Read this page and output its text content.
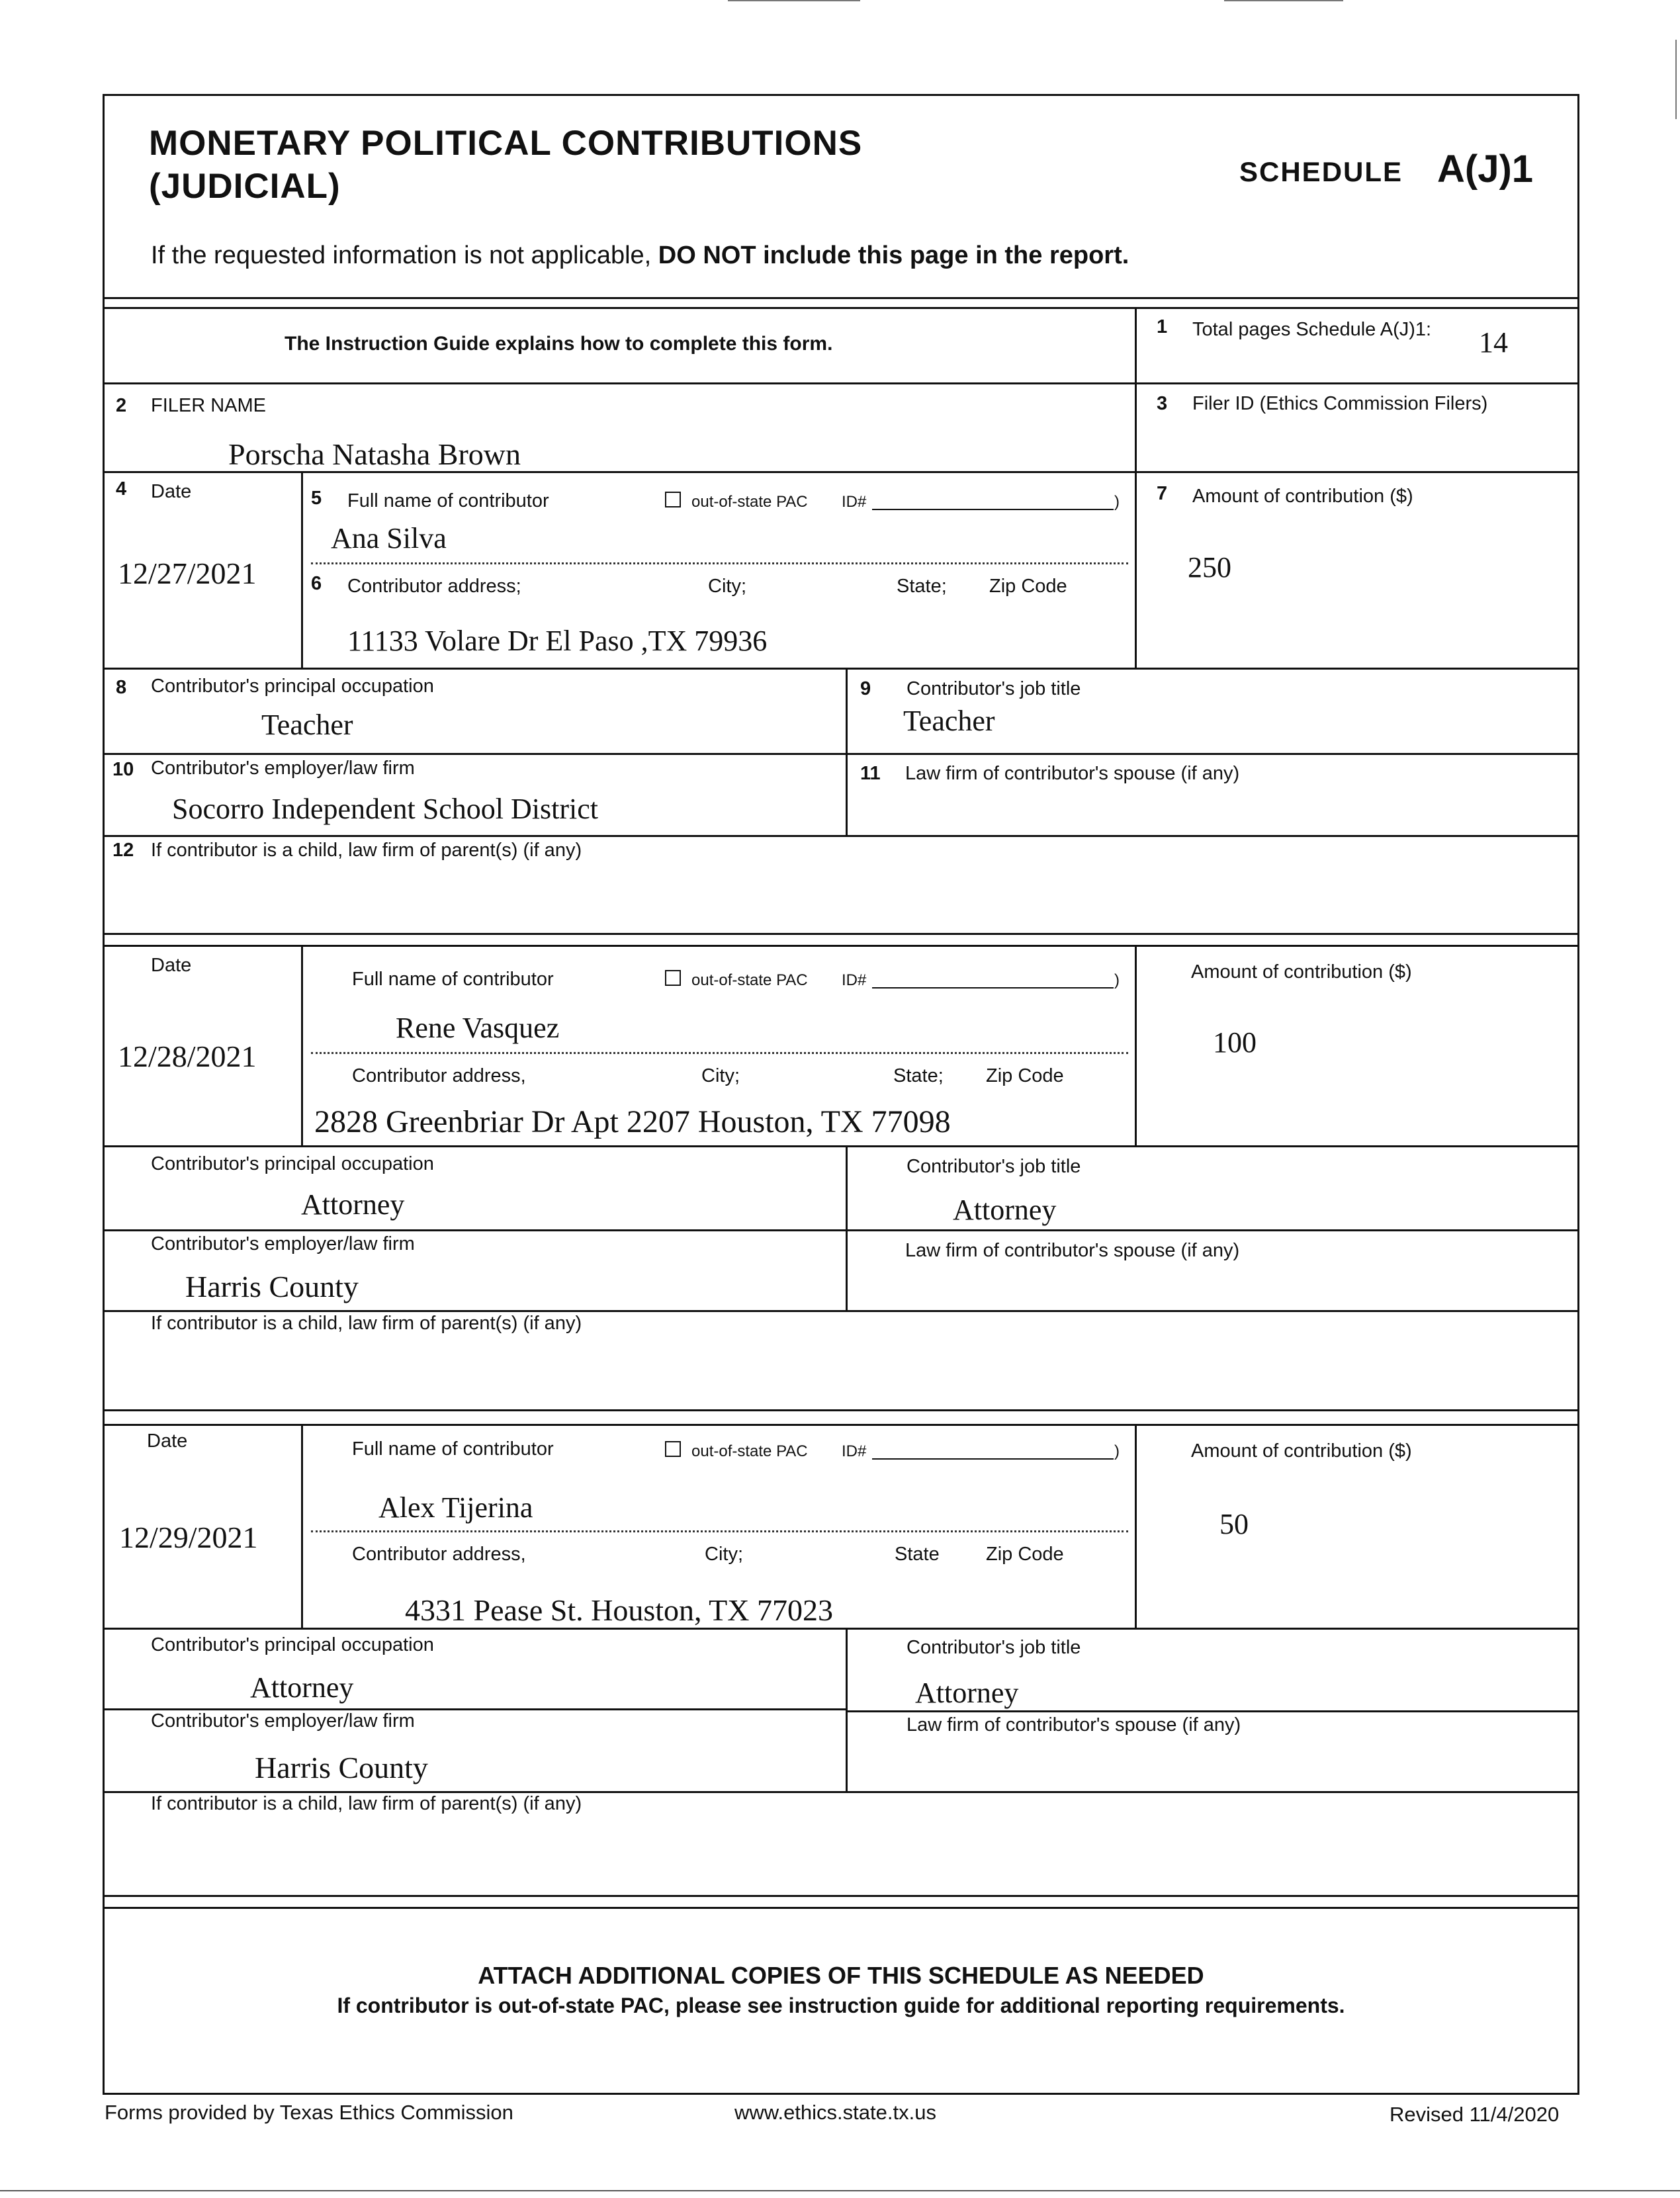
MONETARY POLITICAL CONTRIBUTIONS
(JUDICIAL)	SCHEDULE A(J)1
If the requested information is not applicable, DO NOT include this page in the report.
The Instruction Guide explains how to complete this form.
1 Total pages Schedule A(J)1: 14
2 FILER NAME
Porscha Natasha Brown
3 Filer ID (Ethics Commission Filers)
4 Date
12/27/2021
5 Full name of contributor	out-of-state PAC ID#	)
Ana Silva
6 Contributor address;	City;	State; Zip Code
11133 Volare Dr El Paso ,TX 79936
7 Amount of contribution ($)
250
8 Contributor's principal occupation
Teacher
9 Contributor's job title
Teacher
10 Contributor's employer/law firm
Socorro Independent School District
11 Law firm of contributor's spouse (if any)
12 If contributor is a child, law firm of parent(s) (if any)
Date
12/28/2021
Full name of contributor	out-of-state PAC ID#	)
Rene Vasquez
Contributor address,	City;	State; Zip Code
2828 Greenbriar Dr Apt 2207 Houston, TX 77098
Amount of contribution ($)
100
Contributor's principal occupation
Attorney
Contributor's job title
Attorney
Contributor's employer/law firm
Harris County
Law firm of contributor's spouse (if any)
If contributor is a child, law firm of parent(s) (if any)
Date
12/29/2021
Full name of contributor	out-of-state PAC ID#	)
Alex Tijerina
Contributor address,	City;	State Zip Code
4331 Pease St. Houston, TX 77023
Amount of contribution ($)
50
Contributor's principal occupation
Attorney
Contributor's job title
Attorney
Contributor's employer/law firm
Harris County
Law firm of contributor's spouse (if any)
If contributor is a child, law firm of parent(s) (if any)
ATTACH ADDITIONAL COPIES OF THIS SCHEDULE AS NEEDED
If contributor is out-of-state PAC, please see instruction guide for additional reporting requirements.
Forms provided by Texas Ethics Commission	www.ethics.state.tx.us	Revised 11/4/2020
